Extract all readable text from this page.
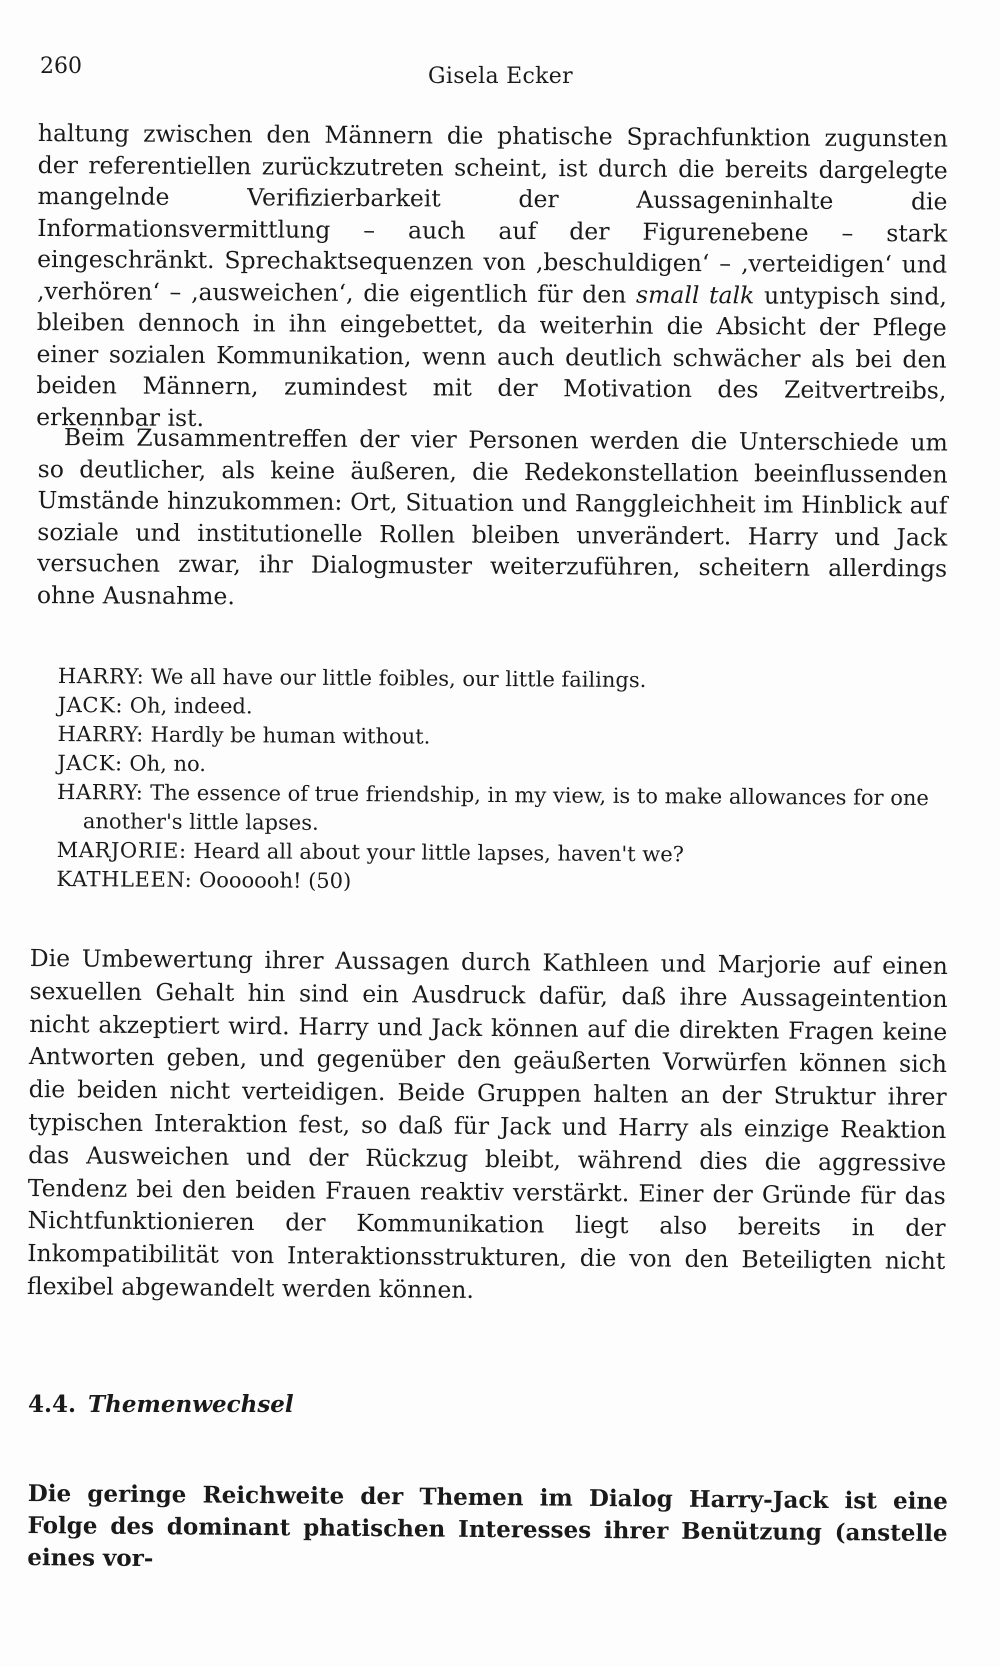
260	Gisela Ecker

haltung zwischen den Männern die phatische Sprachfunktion zugunsten der referentiellen zurückzutreten scheint, ist durch die bereits dargelegte mangelnde Verifizierbarkeit der Aussageninhalte die Informationsvermittlung – auch auf der Figurenebene – stark eingeschränkt. Sprechaktsequenzen von ‚beschuldigen‘ – ‚verteidigen‘ und ‚verhören‘ – ‚ausweichen‘, die eigentlich für den small talk untypisch sind, bleiben dennoch in ihn eingebettet, da weiterhin die Absicht der Pflege einer sozialen Kommunikation, wenn auch deutlich schwächer als bei den beiden Männern, zumindest mit der Motivation des Zeitvertreibs, erkennbar ist.

Beim Zusammentreffen der vier Personen werden die Unterschiede um so deutlicher, als keine äußeren, die Redekonstellation beeinflussenden Umstände hinzukommen: Ort, Situation und Ranggleichheit im Hinblick auf soziale und institutionelle Rollen bleiben unverändert. Harry und Jack versuchen zwar, ihr Dialogmuster weiterzuführen, scheitern allerdings ohne Ausnahme.

HARRY: We all have our little foibles, our little failings.
JACK: Oh, indeed.
HARRY: Hardly be human without.
JACK: Oh, no.
HARRY: The essence of true friendship, in my view, is to make allowances for one another's little lapses.
MARJORIE: Heard all about your little lapses, haven't we?
KATHLEEN: Ooooooh! (50)

Die Umbewertung ihrer Aussagen durch Kathleen und Marjorie auf einen sexuellen Gehalt hin sind ein Ausdruck dafür, daß ihre Aussageintention nicht akzeptiert wird. Harry und Jack können auf die direkten Fragen keine Antworten geben, und gegenüber den geäußerten Vorwürfen können sich die beiden nicht verteidigen. Beide Gruppen halten an der Struktur ihrer typischen Interaktion fest, so daß für Jack und Harry als einzige Reaktion das Ausweichen und der Rückzug bleibt, während dies die aggressive Tendenz bei den beiden Frauen reaktiv verstärkt. Einer der Gründe für das Nichtfunktionieren der Kommunikation liegt also bereits in der Inkompatibilität von Interaktionsstrukturen, die von den Beteiligten nicht flexibel abgewandelt werden können.

4.4. Themenwechsel

Die geringe Reichweite der Themen im Dialog Harry-Jack ist eine Folge des dominant phatischen Interesses ihrer Benützung (anstelle eines vor-
